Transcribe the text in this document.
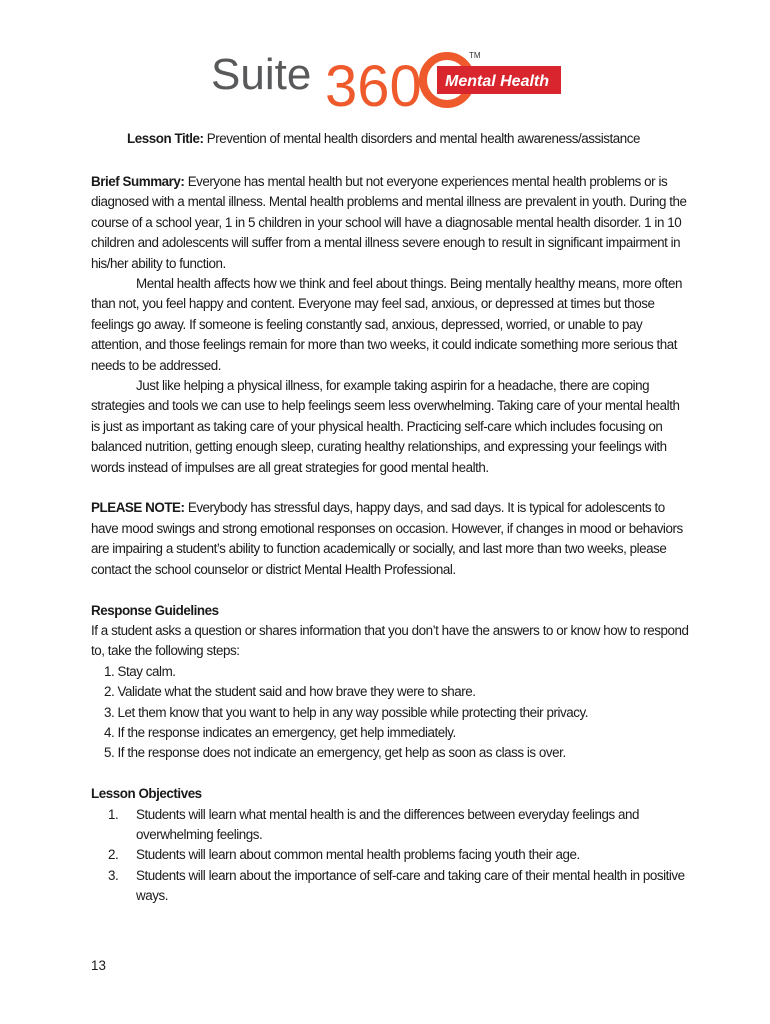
Suite 360 Mental Health
TM
Lesson Title: Prevention of mental health disorders and mental health awareness/assistance

Brief Summary: Everyone has mental health but not everyone experiences mental health problems or is diagnosed with a mental illness. Mental health problems and mental illness are prevalent in youth. During the course of a school year, 1 in 5 children in your school will have a diagnosable mental health disorder. 1 in 10 children and adolescents will suffer from a mental illness severe enough to result in significant impairment in his/her ability to function.

Mental health affects how we think and feel about things. Being mentally healthy means, more often than not, you feel happy and content. Everyone may feel sad, anxious, or depressed at times but those feelings go away. If someone is feeling constantly sad, anxious, depressed, worried, or unable to pay attention, and those feelings remain for more than two weeks, it could indicate something more serious that needs to be addressed.

Just like helping a physical illness, for example taking aspirin for a headache, there are coping strategies and tools we can use to help feelings seem less overwhelming. Taking care of your mental health is just as important as taking care of your physical health. Practicing self-care which includes focusing on balanced nutrition, getting enough sleep, curating healthy relationships, and expressing your feelings with words instead of impulses are all great strategies for good mental health.

PLEASE NOTE: Everybody has stressful days, happy days, and sad days. It is typical for adolescents to have mood swings and strong emotional responses on occasion. However, if changes in mood or behaviors are impairing a student’s ability to function academically or socially, and last more than two weeks, please contact the school counselor or district Mental Health Professional.

Response Guidelines

If a student asks a question or shares information that you don’t have the answers to or know how to respond to, take the following steps:

1. Stay calm.
2. Validate what the student said and how brave they were to share.
3. Let them know that you want to help in any way possible while protecting their privacy.
4. If the response indicates an emergency, get help immediately.
5. If the response does not indicate an emergency, get help as soon as class is over.

Lesson Objectives

1.	Students will learn what mental health is and the differences between everyday feelings and overwhelming feelings.
2.	Students will learn about common mental health problems facing youth their age.
3.	Students will learn about the importance of self-care and taking care of their mental health in positive ways.
13
